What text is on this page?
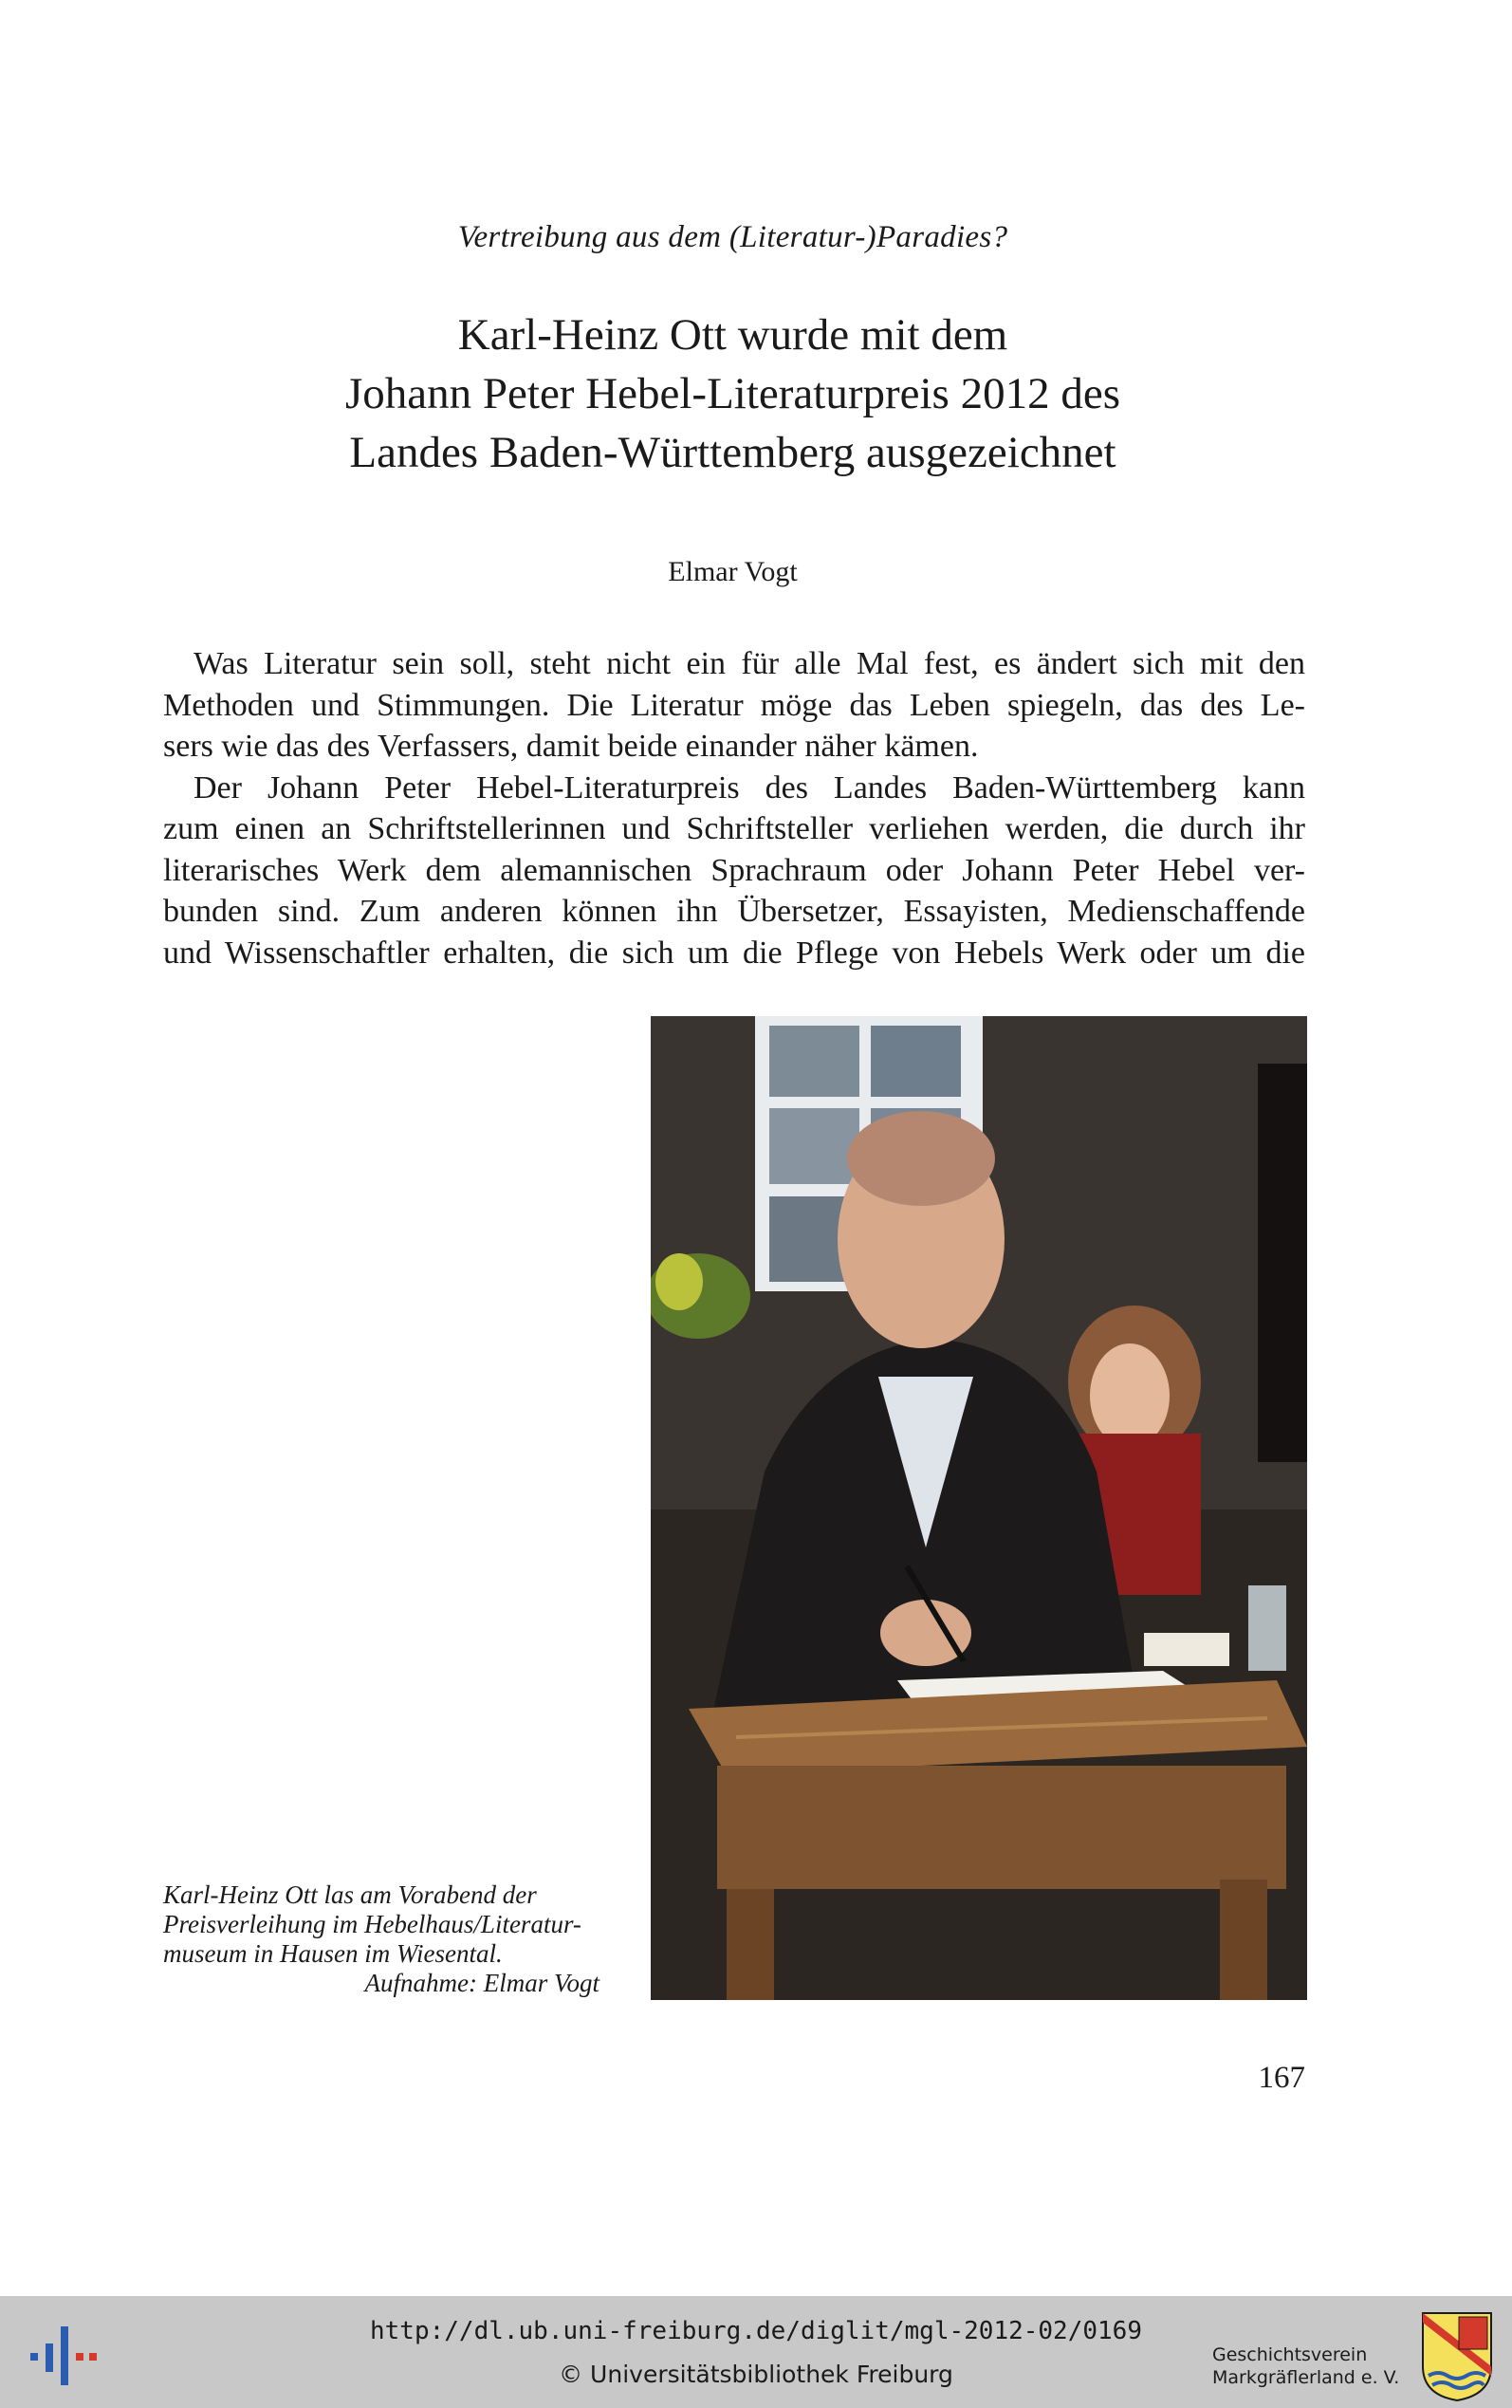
Vertreibung aus dem (Literatur-)Paradies?
Karl-Heinz Ott wurde mit dem
Johann Peter Hebel-Literaturpreis 2012 des
Landes Baden-Württemberg ausgezeichnet
Elmar Vogt
Was Literatur sein soll, steht nicht ein für alle Mal fest, es ändert sich mit den
Methoden und Stimmungen. Die Literatur möge das Leben spiegeln, das des Le-
sers wie das des Verfassers, damit beide einander näher kämen.
Der Johann Peter Hebel-Literaturpreis des Landes Baden-Württemberg kann
zum einen an Schriftstellerinnen und Schriftsteller verliehen werden, die durch ihr
literarisches Werk dem alemannischen Sprachraum oder Johann Peter Hebel ver-
bunden sind. Zum anderen können ihn Übersetzer, Essayisten, Medienschaffende
und Wissenschaftler erhalten, die sich um die Pflege von Hebels Werk oder um die
Karl-Heinz Ott las am Vorabend der
Preisverleihung im Hebelhaus/Literatur-
museum in Hausen im Wiesental.
Aufnahme: Elmar Vogt
167
http://dl.ub.uni-freiburg.de/diglit/mgl-2012-02/0169
© Universitätsbibliothek Freiburg
Geschichtsverein
Markgräflerland e. V.
